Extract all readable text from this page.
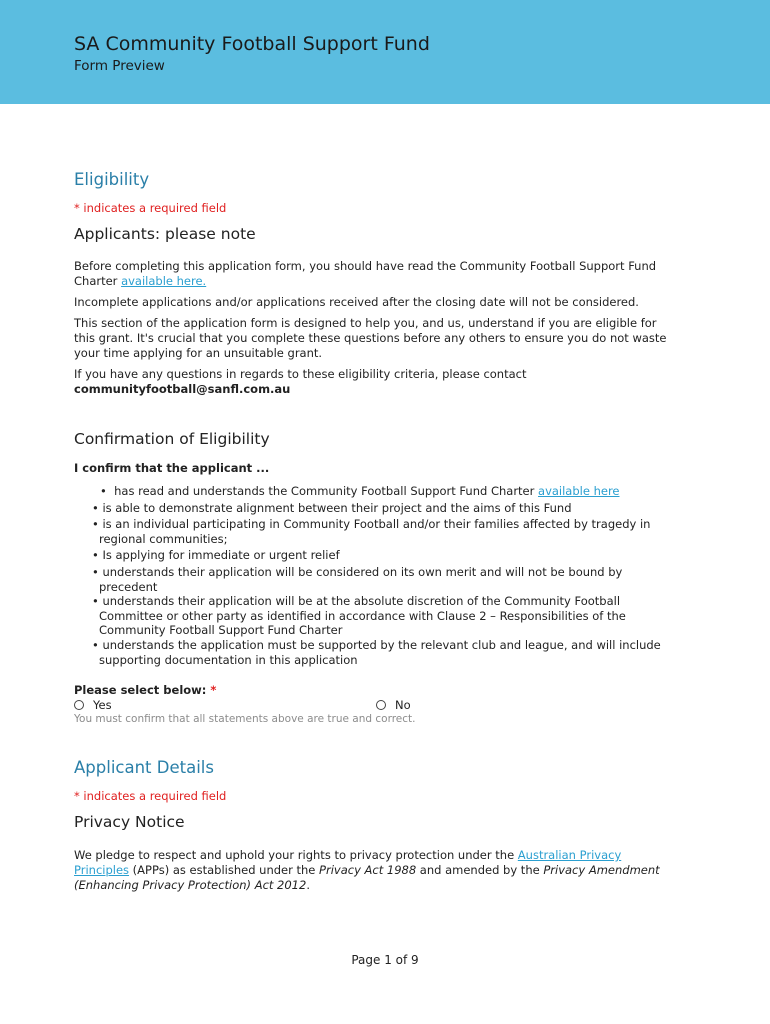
SA Community Football Support Fund
Form Preview
Eligibility
* indicates a required field
Applicants: please note

Before completing this application form, you should have read the Community Football Support Fund Charter available here.

Incomplete applications and/or applications received after the closing date will not be considered.

This section of the application form is designed to help you, and us, understand if you are eligible for this grant. It's crucial that you complete these questions before any others to ensure you do not waste your time applying for an unsuitable grant.

If you have any questions in regards to these eligibility criteria, please contact
communityfootball@sanfl.com.au

Confirmation of Eligibility

I confirm that the applicant ...

•  has read and understands the Community Football Support Fund Charter available here
• is able to demonstrate alignment between their project and the aims of this Fund
• is an individual participating in Community Football and/or their families affected by tragedy in regional communities;
• Is applying for immediate or urgent relief
• understands their application will be considered on its own merit and will not be bound by precedent
• understands their application will be at the absolute discretion of the Community Football Committee or other party as identified in accordance with Clause 2 – Responsibilities of the Community Football Support Fund Charter
• understands the application must be supported by the relevant club and league, and will include supporting documentation in this application

Please select below: *

Yes	No
You must confirm that all statements above are true and correct.
Applicant Details
* indicates a required field
Privacy Notice

We pledge to respect and uphold your rights to privacy protection under the Australian Privacy Principles (APPs) as established under the Privacy Act 1988 and amended by the Privacy Amendment (Enhancing Privacy Protection) Act 2012.

Page 1 of 9
